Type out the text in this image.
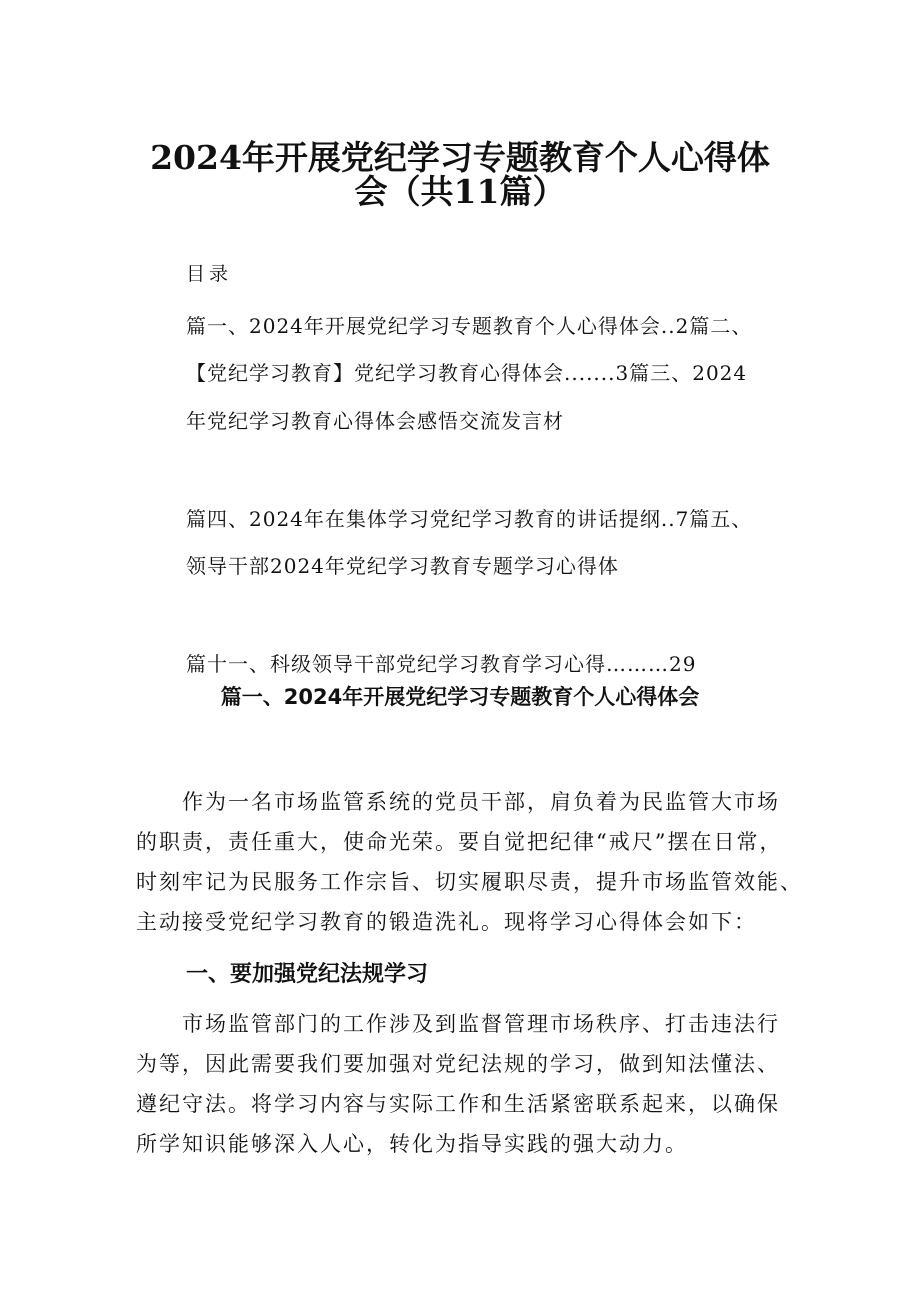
2024年开展党纪学习专题教育个人心得体
会（共11篇）
目录
篇一、2024年开展党纪学习专题教育个人心得体会..2篇二、
【党纪学习教育】党纪学习教育心得体会.......3篇三、2024
年党纪学习教育心得体会感悟交流发言材
篇四、2024年在集体学习党纪学习教育的讲话提纲..7篇五、
领导干部2024年党纪学习教育专题学习心得体
篇十一、科级领导干部党纪学习教育学习心得………29
篇一、2024年开展党纪学习专题教育个人心得体会
作为一名市场监管系统的党员干部，肩负着为民监管大市场
的职责，责任重大，使命光荣。要自觉把纪律“戒尺”摆在日常，
时刻牢记为民服务工作宗旨、切实履职尽责，提升市场监管效能、
主动接受党纪学习教育的锻造洗礼。现将学习心得体会如下：
一、要加强党纪法规学习
市场监管部门的工作涉及到监督管理市场秩序、打击违法行
为等，因此需要我们要加强对党纪法规的学习，做到知法懂法、
遵纪守法。将学习内容与实际工作和生活紧密联系起来，以确保
所学知识能够深入人心，转化为指导实践的强大动力。
